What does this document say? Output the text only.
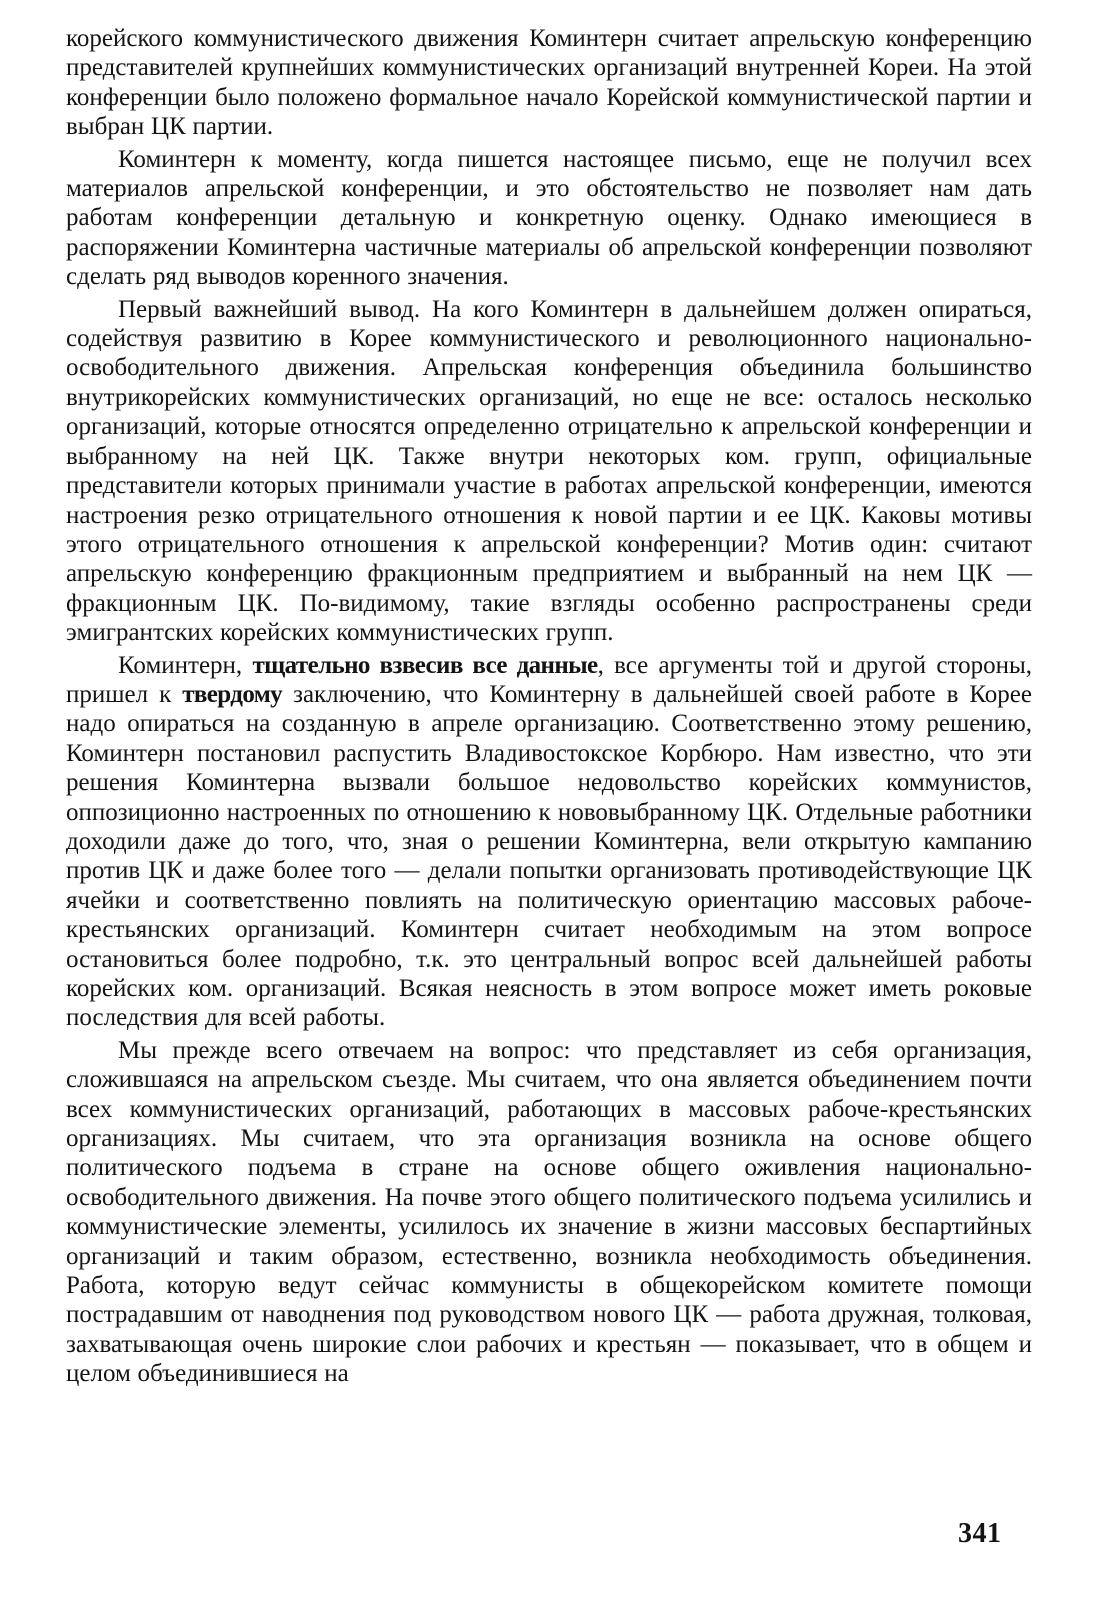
корейского коммунистического движения Коминтерн считает апрельскую конференцию представителей крупнейших коммунистических организаций внутренней Кореи. На этой конференции было положено формальное начало Корейской коммунистической партии и выбран ЦК партии.

Коминтерн к моменту, когда пишется настоящее письмо, еще не получил всех материалов апрельской конференции, и это обстоятельство не позволяет нам дать работам конференции детальную и конкретную оценку. Однако имеющиеся в распоряжении Коминтерна частичные материалы об апрельской конференции позволяют сделать ряд выводов коренного значения.

Первый важнейший вывод. На кого Коминтерн в дальнейшем должен опираться, содействуя развитию в Корее коммунистического и революционного национально-освободительного движения. Апрельская конференция объединила большинство внутрикорейских коммунистических организаций, но еще не все: осталось несколько организаций, которые относятся определенно отрицательно к апрельской конференции и выбранному на ней ЦК. Также внутри некоторых ком. групп, официальные представители которых принимали участие в работах апрельской конференции, имеются настроения резко отрицательного отношения к новой партии и ее ЦК. Каковы мотивы этого отрицательного отношения к апрельской конференции? Мотив один: считают апрельскую конференцию фракционным предприятием и выбранный на нем ЦК — фракционным ЦК. По-видимому, такие взгляды особенно распространены среди эмигрантских корейских коммунистических групп.

Коминтерн, тщательно взвесив все данные, все аргументы той и другой стороны, пришел к твердому заключению, что Коминтерну в дальнейшей своей работе в Корее надо опираться на созданную в апреле организацию. Соответственно этому решению, Коминтерн постановил распустить Владивостокское Корбюро. Нам известно, что эти решения Коминтерна вызвали большое недовольство корейских коммунистов, оппозиционно настроенных по отношению к нововыбранному ЦК. Отдельные работники доходили даже до того, что, зная о решении Коминтерна, вели открытую кампанию против ЦК и даже более того — делали попытки организовать противодействующие ЦК ячейки и соответственно повлиять на политическую ориентацию массовых рабоче-крестьянских организаций. Коминтерн считает необходимым на этом вопросе остановиться более подробно, т.к. это центральный вопрос всей дальнейшей работы корейских ком. организаций. Всякая неясность в этом вопросе может иметь роковые последствия для всей работы.

Мы прежде всего отвечаем на вопрос: что представляет из себя организация, сложившаяся на апрельском съезде. Мы считаем, что она является объединением почти всех коммунистических организаций, работающих в массовых рабоче-крестьянских организациях. Мы считаем, что эта организация возникла на основе общего политического подъема в стране на основе общего оживления национально-освободительного движения. На почве этого общего политического подъема усилились и коммунистические элементы, усилилось их значение в жизни массовых беспартийных организаций и таким образом, естественно, возникла необходимость объединения. Работа, которую ведут сейчас коммунисты в общекорейском комитете помощи пострадавшим от наводнения под руководством нового ЦК — работа дружная, толковая, захватывающая очень широкие слои рабочих и крестьян — показывает, что в общем и целом объединившиеся на

341
